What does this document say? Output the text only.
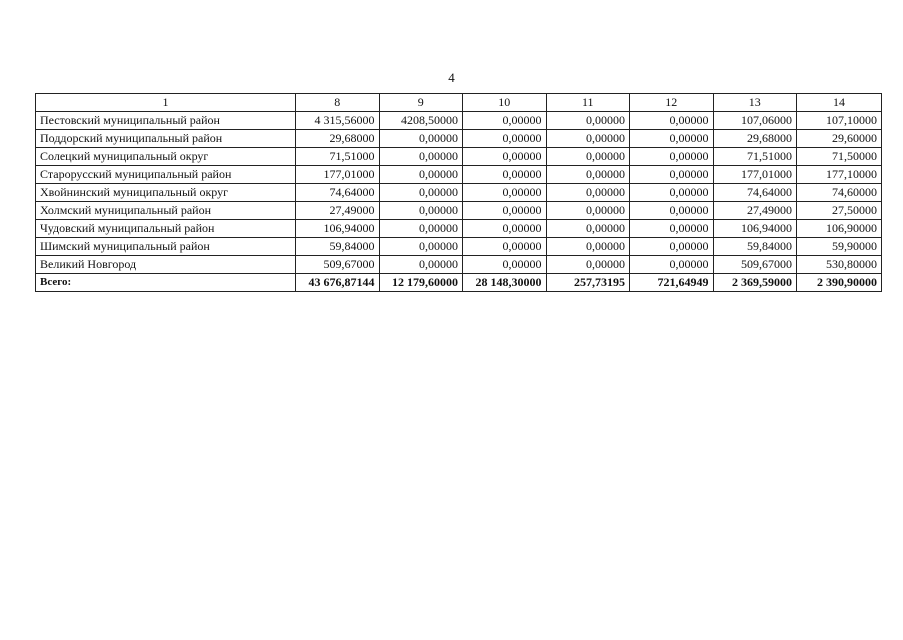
4
1	8	9	10	11	12	13	14
Пестовский муниципальный район	4 315,56000	4208,50000	0,00000	0,00000	0,00000	107,06000	107,10000
Поддорский муниципальный район	29,68000	0,00000	0,00000	0,00000	0,00000	29,68000	29,60000
Солецкий муниципальный округ	71,51000	0,00000	0,00000	0,00000	0,00000	71,51000	71,50000
Старорусский муниципальный район	177,01000	0,00000	0,00000	0,00000	0,00000	177,01000	177,10000
Хвойнинский муниципальный округ	74,64000	0,00000	0,00000	0,00000	0,00000	74,64000	74,60000
Холмский муниципальный район	27,49000	0,00000	0,00000	0,00000	0,00000	27,49000	27,50000
Чудовский муниципальный район	106,94000	0,00000	0,00000	0,00000	0,00000	106,94000	106,90000
Шимский муниципальный район	59,84000	0,00000	0,00000	0,00000	0,00000	59,84000	59,90000
Великий Новгород	509,67000	0,00000	0,00000	0,00000	0,00000	509,67000	530,80000
Всего:	43 676,87144	12 179,60000	28 148,30000	257,73195	721,64949	2 369,59000	2 390,90000
